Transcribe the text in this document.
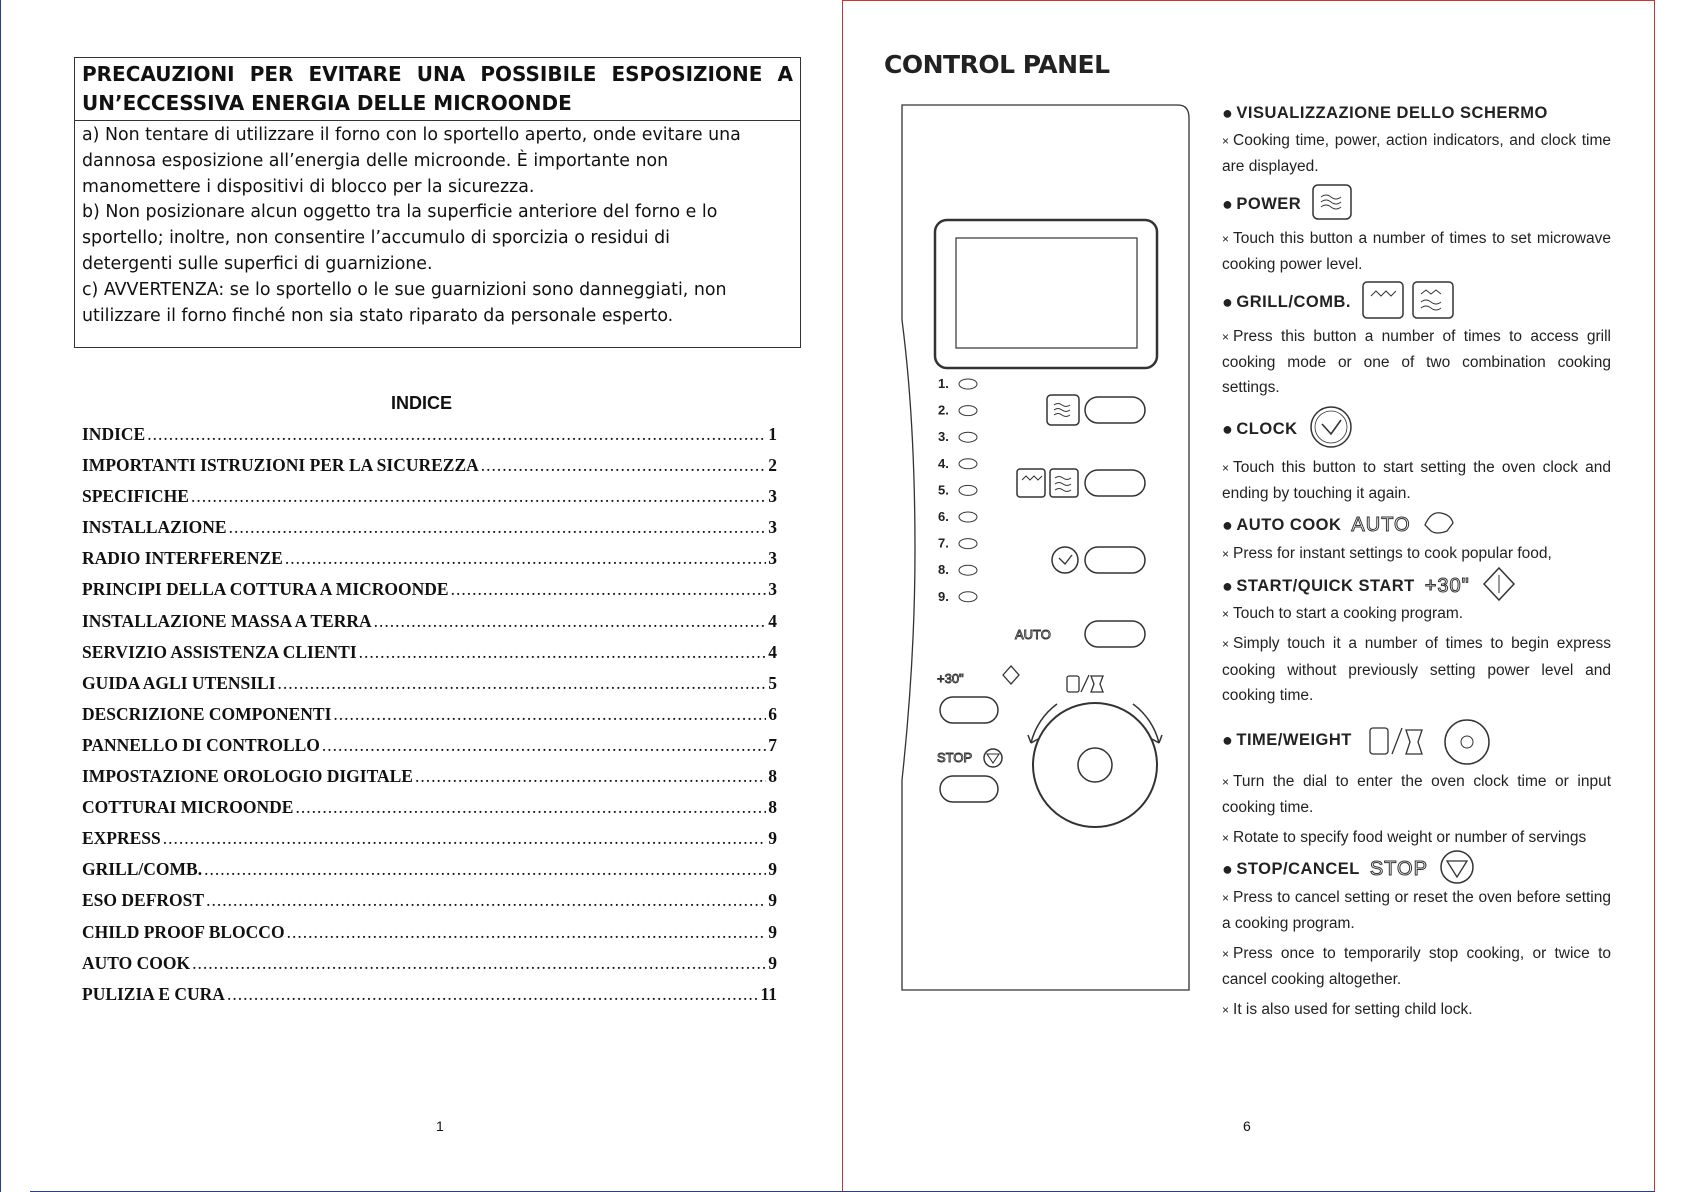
PRECAUZIONI PER EVITARE UNA POSSIBILE ESPOSIZIONE A
UN’ECCESSIVA ENERGIA DELLE MICROONDE
a) Non tentare di utilizzare il forno con lo sportello aperto, onde evitare una
dannosa esposizione all’energia delle microonde. È importante non
manomettere i dispositivi di blocco per la sicurezza.
b) Non posizionare alcun oggetto tra la superficie anteriore del forno e lo
sportello; inoltre, non consentire l’accumulo di sporcizia o residui di
detergenti sulle superfici di guarnizione.
c) AVVERTENZA: se lo sportello o le sue guarnizioni sono danneggiati, non
utilizzare il forno finché non sia stato riparato da personale esperto.
INDICE
INDICE .....	1
IMPORTANTI ISTRUZIONI PER LA SICUREZZA .....	2
SPECIFICHE .....	3
INSTALLAZIONE .....	3
RADIO INTERFERENZE .....	3
PRINCIPI DELLA COTTURA A MICROONDE .....	3
INSTALLAZIONE MASSA A TERRA .....	4
SERVIZIO ASSISTENZA CLIENTI .....	4
GUIDA AGLI UTENSILI .....	5
DESCRIZIONE COMPONENTI .....	6
PANNELLO DI CONTROLLO .....	7
IMPOSTAZIONE OROLOGIO DIGITALE .....	8
COTTURAI MICROONDE .....	8
EXPRESS .....	9
GRILL/COMB. .....	9
ESO DEFROST .....	9
CHILD PROOF BLOCCO .....	9
AUTO COOK .....	9
PULIZIA E CURA .....	11
1	6
CONTROL PANEL
1.
2.
3.
4.
5.
6.
7.
8.
9.
AUTO
+30"
STOP
● VISUALIZZAZIONE DELLO SCHERMO
× Cooking time, power, action indicators, and clock time are displayed.
● POWER
× Touch this button a number of times to set microwave cooking power level.
● GRILL/COMB.
× Press this button a number of times to access grill cooking mode or one of two combination cooking settings.
● CLOCK
× Touch this button to start setting the oven clock and ending by touching it again.
● AUTO COOK AUTO
× Press for instant settings to cook popular food,
● START/QUICK START +30"
× Touch to start a cooking program.
× Simply touch it a number of times to begin express cooking without previously setting power level and cooking time.
● TIME/WEIGHT
× Turn the dial to enter the oven clock time or input cooking time.
× Rotate to specify food weight or number of servings
● STOP/CANCEL STOP
× Press to cancel setting or reset the oven before setting a cooking program.
× Press once to temporarily stop cooking, or twice to cancel cooking altogether.
× It is also used for setting child lock.
